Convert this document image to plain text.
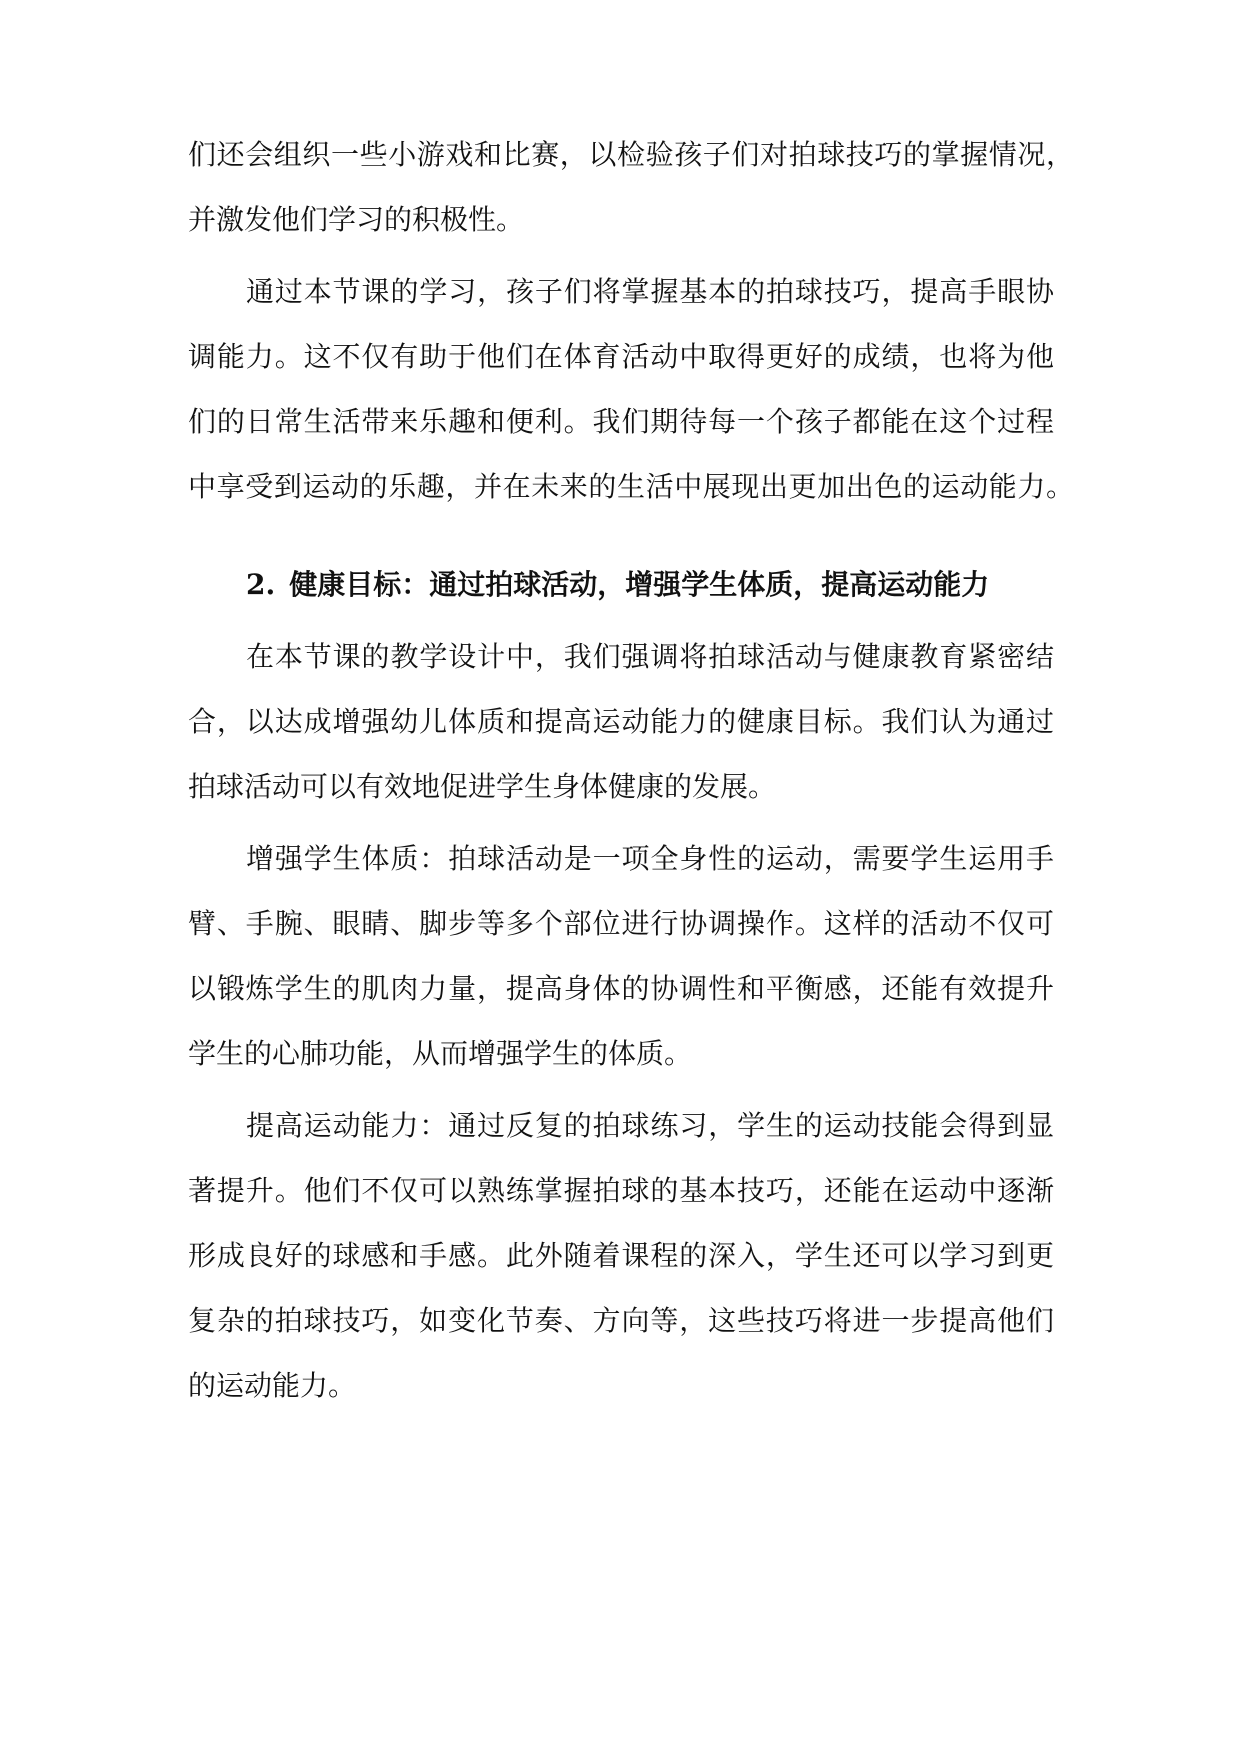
们还会组织一些小游戏和比赛，以检验孩子们对拍球技巧的掌握情况，
并激发他们学习的积极性。
通过本节课的学习，孩子们将掌握基本的拍球技巧，提高手眼协
调能力。这不仅有助于他们在体育活动中取得更好的成绩，也将为他
们的日常生活带来乐趣和便利。我们期待每一个孩子都能在这个过程
中享受到运动的乐趣，并在未来的生活中展现出更加出色的运动能力。
2. 健康目标：通过拍球活动，增强学生体质，提高运动能力
在本节课的教学设计中，我们强调将拍球活动与健康教育紧密结
合，以达成增强幼儿体质和提高运动能力的健康目标。我们认为通过
拍球活动可以有效地促进学生身体健康的发展。
增强学生体质：拍球活动是一项全身性的运动，需要学生运用手
臂、手腕、眼睛、脚步等多个部位进行协调操作。这样的活动不仅可
以锻炼学生的肌肉力量，提高身体的协调性和平衡感，还能有效提升
学生的心肺功能，从而增强学生的体质。
提高运动能力：通过反复的拍球练习，学生的运动技能会得到显
著提升。他们不仅可以熟练掌握拍球的基本技巧，还能在运动中逐渐
形成良好的球感和手感。此外随着课程的深入，学生还可以学习到更
复杂的拍球技巧，如变化节奏、方向等，这些技巧将进一步提高他们
的运动能力。
